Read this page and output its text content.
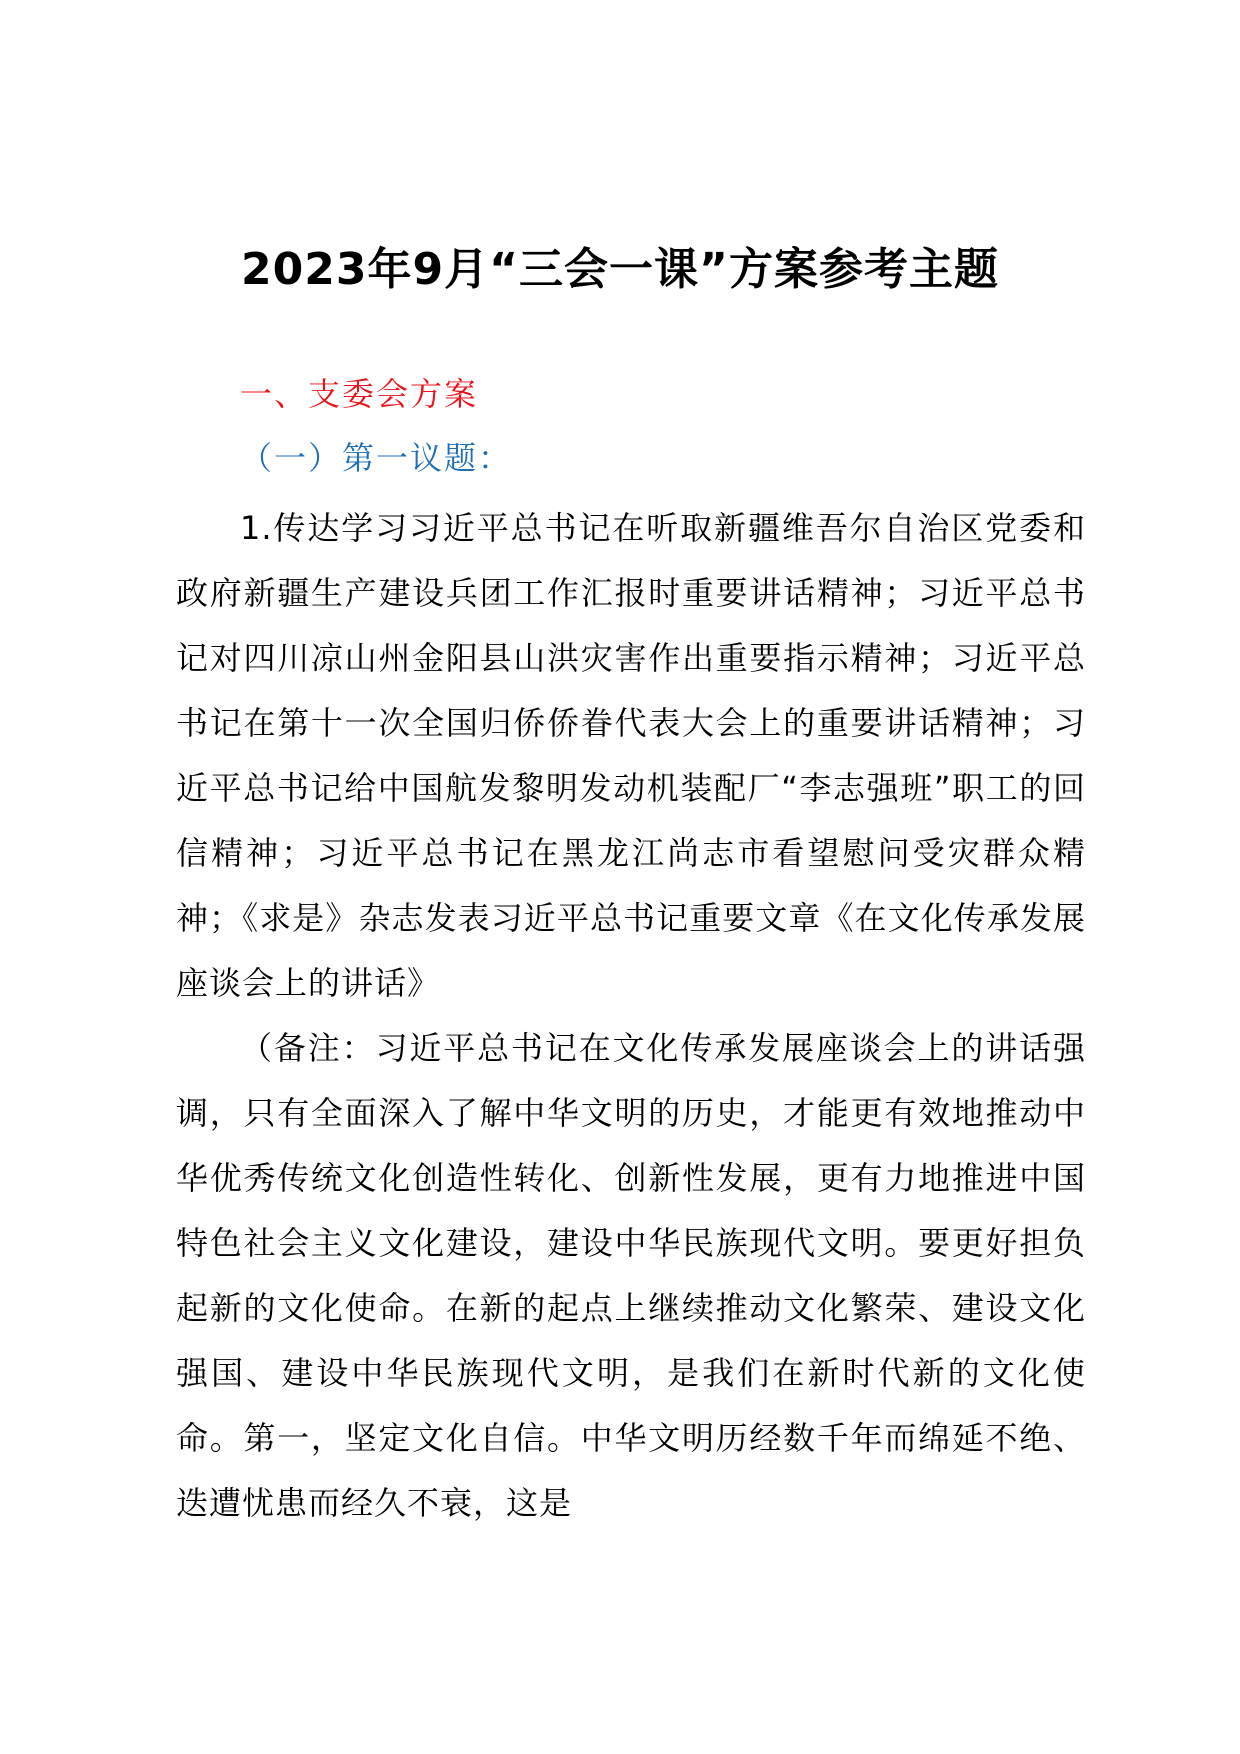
2023年9月“三会一课”方案参考主题

一、支委会方案

（一）第一议题：

1.传达学习习近平总书记在听取新疆维吾尔自治区党委和政府新疆生产建设兵团工作汇报时重要讲话精神；习近平总书记对四川凉山州金阳县山洪灾害作出重要指示精神；习近平总书记在第十一次全国归侨侨眷代表大会上的重要讲话精神；习近平总书记给中国航发黎明发动机装配厂“李志强班”职工的回信精神；习近平总书记在黑龙江尚志市看望慰问受灾群众精神；《求是》杂志发表习近平总书记重要文章《在文化传承发展座谈会上的讲话》

（备注：习近平总书记在文化传承发展座谈会上的讲话强调，只有全面深入了解中华文明的历史，才能更有效地推动中华优秀传统文化创造性转化、创新性发展，更有力地推进中国特色社会主义文化建设，建设中华民族现代文明。要更好担负起新的文化使命。在新的起点上继续推动文化繁荣、建设文化强国、建设中华民族现代文明，是我们在新时代新的文化使命。第一，坚定文化自信。中华文明历经数千年而绵延不绝、迭遭忧患而经久不衰，这是
